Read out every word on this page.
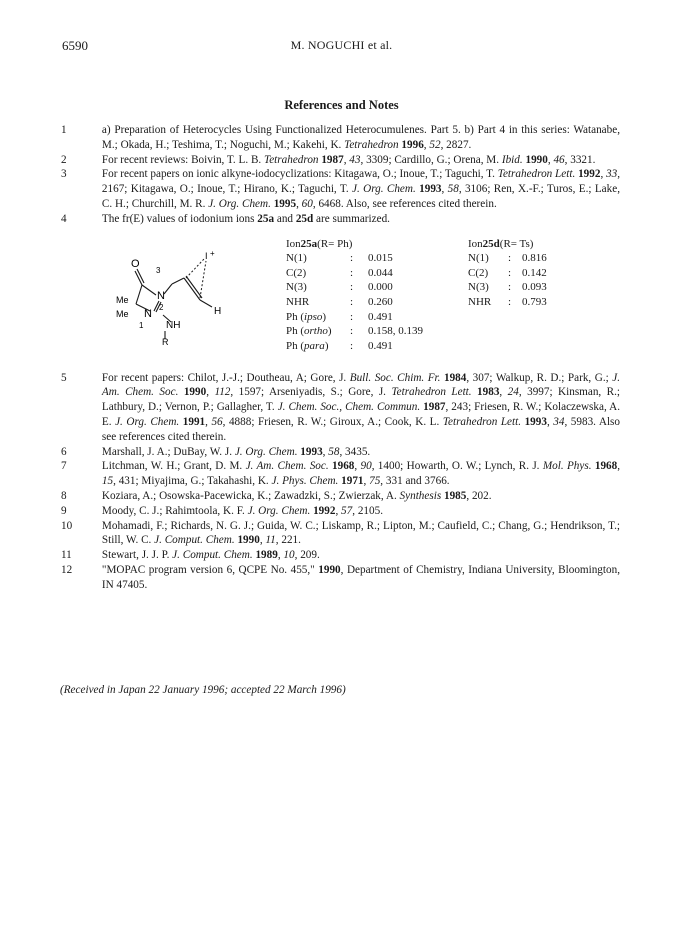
6590	M. NOGUCHI et al.
References and Notes
1	a) Preparation of Heterocycles Using Functionalized Heterocumulenes. Part 5. b) Part 4 in this series: Watanabe, M.; Okada, H.; Teshima, T.; Noguchi, M.; Kakehi, K. Tetrahedron 1996, 52, 2827.
2	For recent reviews: Boivin, T. L. B. Tetrahedron 1987, 43, 3309; Cardillo, G.; Orena, M. Ibid. 1990, 46, 3321.
3	For recent papers on ionic alkyne-iodocyclizations: Kitagawa, O.; Inoue, T.; Taguchi, T. Tetrahedron Lett. 1992, 33, 2167; Kitagawa, O.; Inoue, T.; Hirano, K.; Taguchi, T. J. Org. Chem. 1993, 58, 3106; Ren, X.-F.; Turos, E.; Lake, C. H.; Churchill, M. R. J. Org. Chem. 1995, 60, 6468. Also, see references cited therein.
4	The fr(E) values of iodonium ions 25a and 25d are summarized.
O
3
N
Me
Me N
2
NH
1
R
H
I +
Ion 25a (R= Ph)
N(1)	:	0.015
C(2)	:	0.044
N(3)	:	0.000
NHR	:	0.260
Ph (ipso)	:	0.491
Ph (ortho)	:	0.158, 0.139
Ph (para)	:	0.491
Ion 25d (R= Ts)
N(1)	: 0.816
C(2)	: 0.142
N(3)	: 0.093
NHR	: 0.793
5	For recent papers: Chilot, J.-J.; Doutheau, A; Gore, J. Bull. Soc. Chim. Fr. 1984, 307; Walkup, R. D.; Park, G.; J. Am. Chem. Soc. 1990, 112, 1597; Arseniyadis, S.; Gore, J. Tetrahedron Lett. 1983, 24, 3997; Kinsman, R.; Lathbury, D.; Vernon, P.; Gallagher, T. J. Chem. Soc., Chem. Commun. 1987, 243; Friesen, R. W.; Kolaczewska, A. E. J. Org. Chem. 1991, 56, 4888; Friesen, R. W.; Giroux, A.; Cook, K. L. Tetrahedron Lett. 1993, 34, 5983. Also see references cited therein.
6	Marshall, J. A.; DuBay, W. J. J. Org. Chem. 1993, 58, 3435.
7	Litchman, W. H.; Grant, D. M. J. Am. Chem. Soc. 1968, 90, 1400; Howarth, O. W.; Lynch, R. J. Mol. Phys. 1968, 15, 431; Miyajima, G.; Takahashi, K. J. Phys. Chem. 1971, 75, 331 and 3766.
8	Koziara, A.; Osowska-Pacewicka, K.; Zawadzki, S.; Zwierzak, A. Synthesis 1985, 202.
9	Moody, C. J.; Rahimtoola, K. F. J. Org. Chem. 1992, 57, 2105.
10	Mohamadi, F.; Richards, N. G. J.; Guida, W. C.; Liskamp, R.; Lipton, M.; Caufield, C.; Chang, G.; Hendrikson, T.; Still, W. C. J. Comput. Chem. 1990, 11, 221.
11	Stewart, J. J. P. J. Comput. Chem. 1989, 10, 209.
12	"MOPAC program version 6, QCPE No. 455," 1990, Department of Chemistry, Indiana University, Bloomington, IN 47405.
(Received in Japan 22 January 1996; accepted 22 March 1996)
